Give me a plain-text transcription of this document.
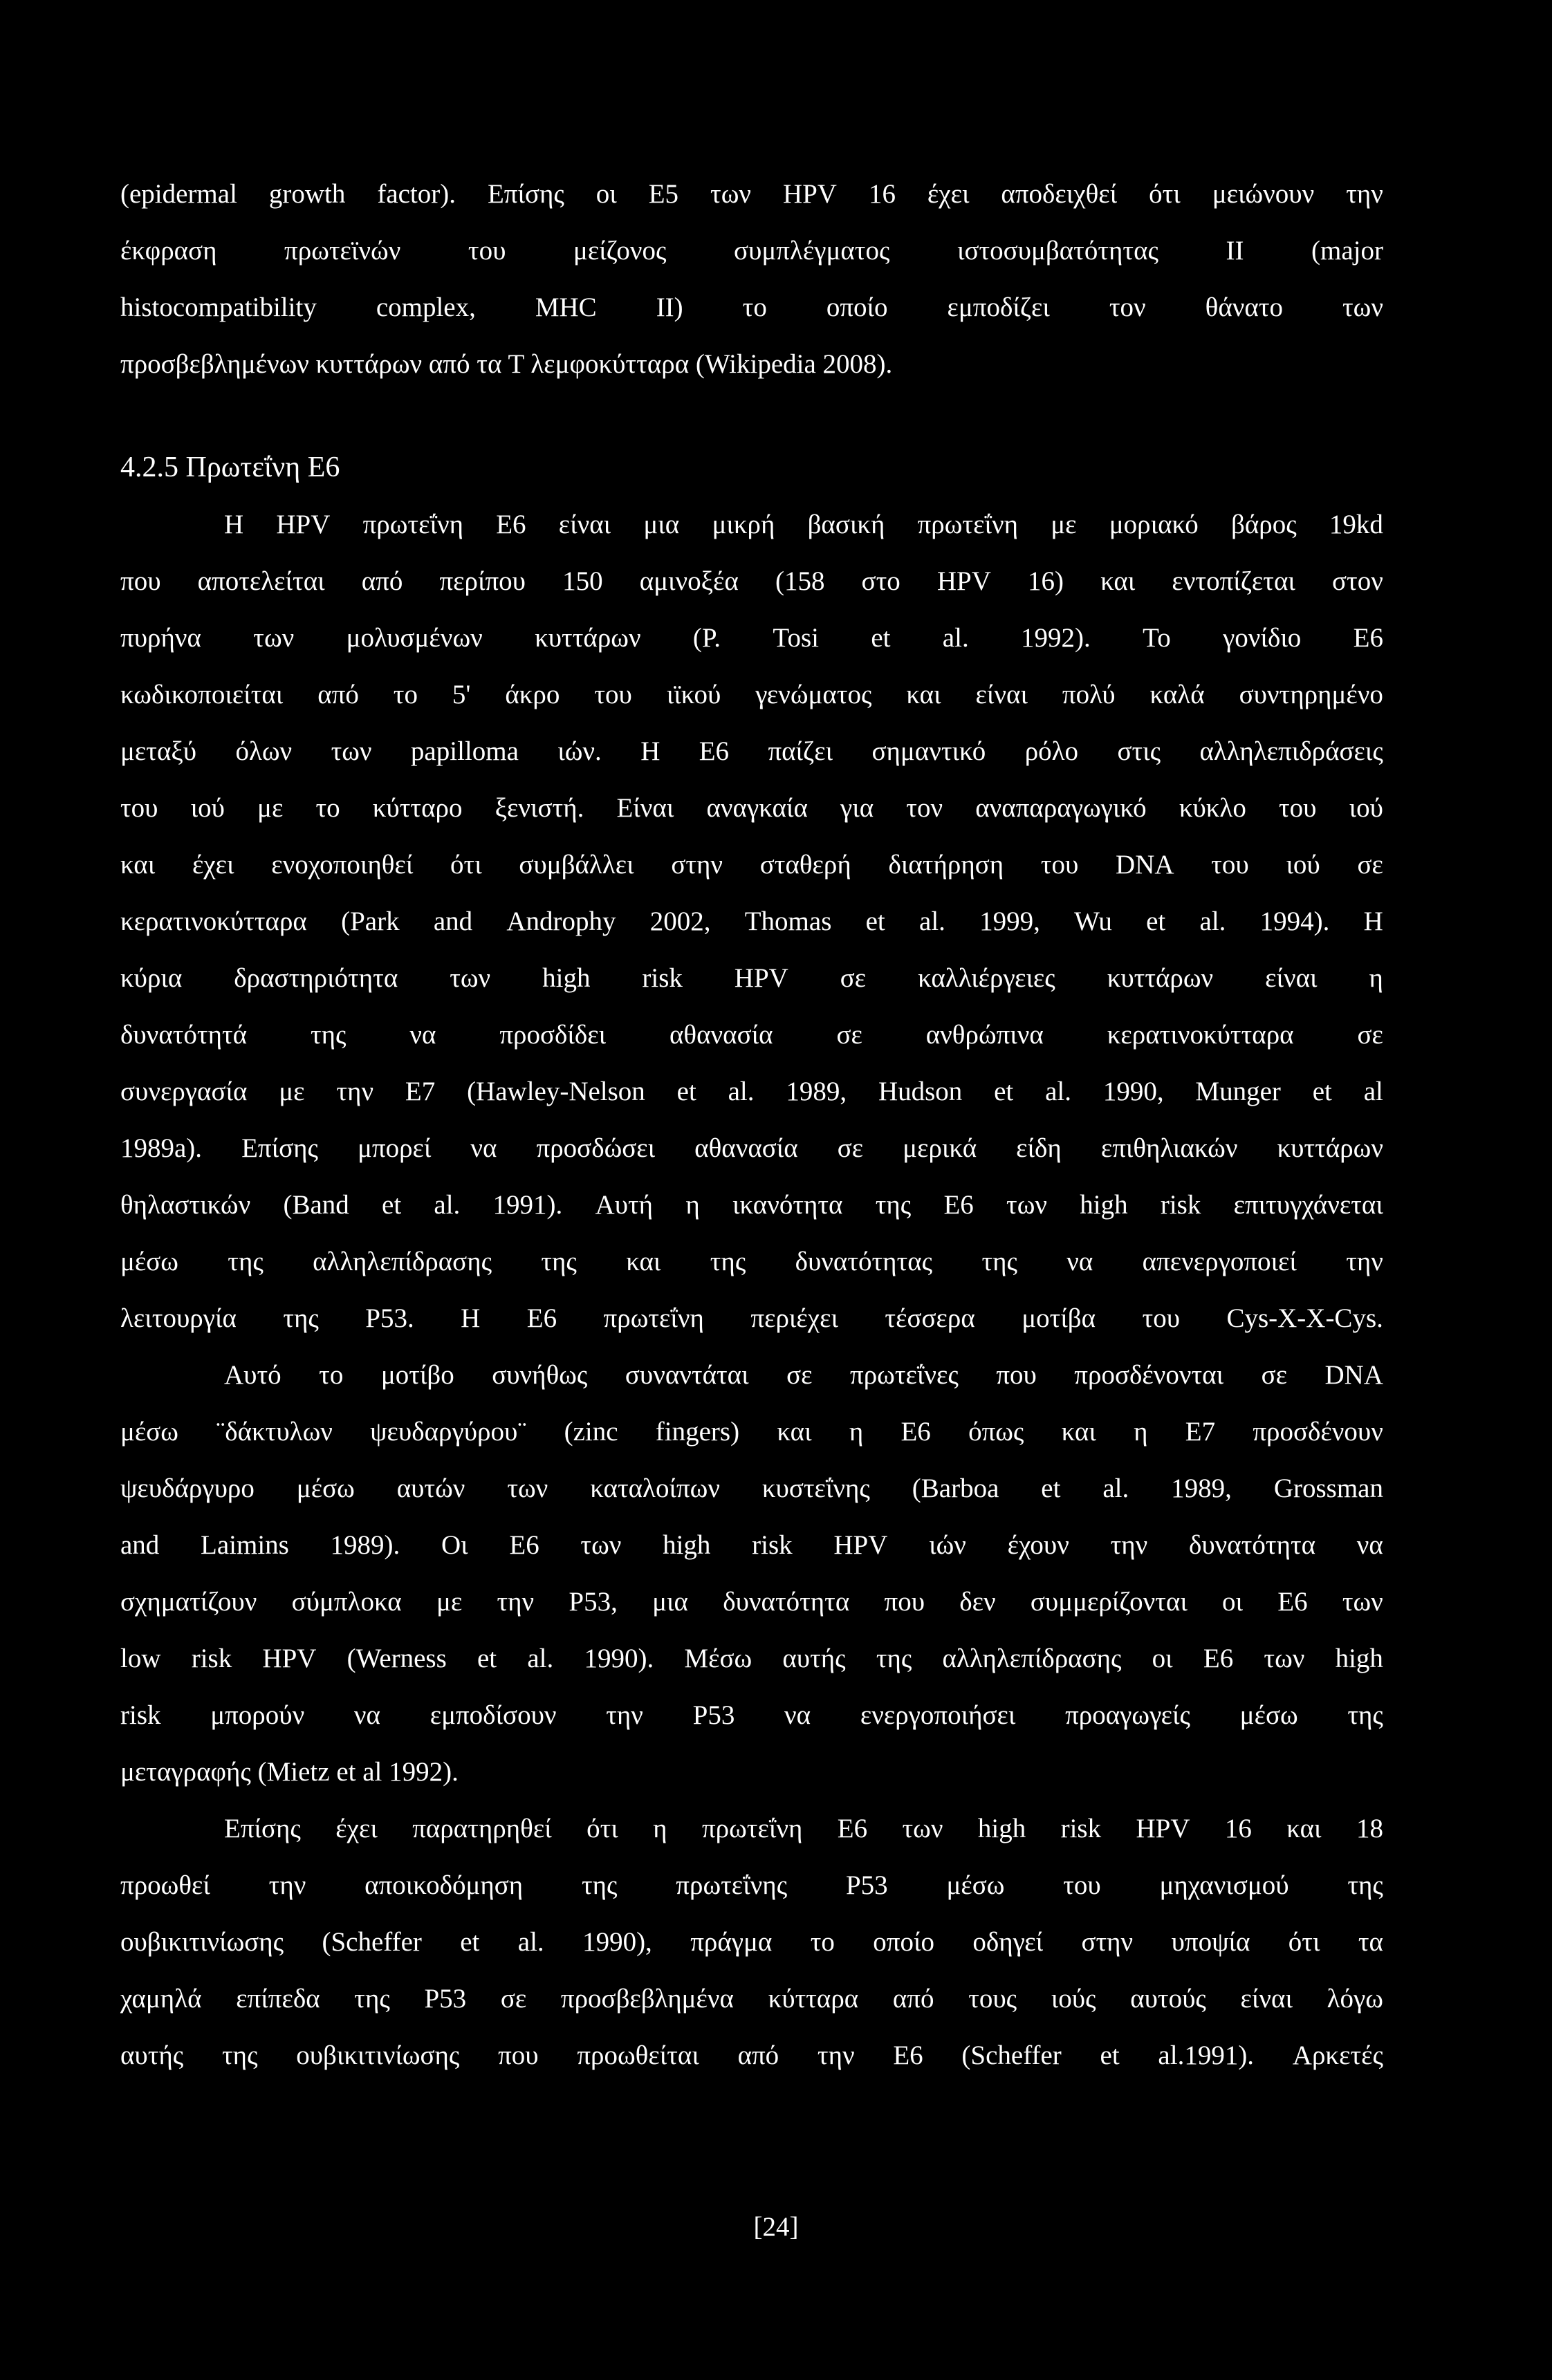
(epidermal growth factor). Επίσης οι Ε5 των HPV 16 έχει αποδειχθεί ότι μειώνουν την
έκφραση	πρωτεϊνών	του	μείζονος	συμπλέγματος	ιστοσυμβατότητας	ΙΙ	(major
histocompatibility complex, MHC II) το οποίο εμποδίζει τον θάνατο των
προσβεβλημένων κυττάρων από τα Τ λεμφοκύτταρα (Wikipedia 2008).
4.2.5 Πρωτεΐνη Ε6
Η HPV πρωτεΐνη Ε6 είναι μια μικρή βασική πρωτεΐνη με μοριακό βάρος 19kd
που αποτελείται από περίπου 150 αμινοξέα (158 στο HPV 16) και εντοπίζεται στον
πυρήνα των μολυσμένων κυττάρων (P. Tosi et al. 1992). Το γονίδιο Ε6
κωδικοποιείται από το 5' άκρο του ιϊκού γενώματος και είναι πολύ καλά συντηρημένο
μεταξύ όλων των papilloma ιών. Η Ε6 παίζει σημαντικό ρόλο στις αλληλεπιδράσεις
του ιού με το κύτταρο ξενιστή. Είναι αναγκαία για τον αναπαραγωγικό κύκλο του ιού
και έχει ενοχοποιηθεί ότι συμβάλλει στην σταθερή διατήρηση του DNA του ιού σε
κερατινοκύτταρα (Park and Androphy 2002, Thomas et al. 1999, Wu et al. 1994). Η
κύρια δραστηριότητα των high risk HPV σε καλλιέργειες κυττάρων είναι η
δυνατότητά της να προσδίδει αθανασία σε ανθρώπινα κερατινοκύτταρα σε
συνεργασία με την Ε7 (Hawley-Nelson et al. 1989, Hudson et al. 1990, Munger et al
1989a). Επίσης μπορεί να προσδώσει αθανασία σε μερικά είδη επιθηλιακών κυττάρων
θηλαστικών (Band et al. 1991). Αυτή η ικανότητα της Ε6 των high risk επιτυγχάνεται
μέσω της αλληλεπίδρασης της και της δυνατότητας της να απενεργοποιεί την
λειτουργία της P53. Η Ε6 πρωτεΐνη περιέχει τέσσερα μοτίβα του Cys-X-X-Cys.
Αυτό το μοτίβο συνήθως συναντάται σε πρωτεΐνες που προσδένονται σε DNA
μέσω ¨δάκτυλων ψευδαργύρου¨ (zinc fingers) και η Ε6 όπως και η Ε7 προσδένουν
ψευδάργυρο μέσω αυτών των καταλοίπων κυστεΐνης (Barboa et al. 1989, Grossman
and Laimins 1989). Οι Ε6 των high risk HPV ιών έχουν την δυνατότητα να
σχηματίζουν σύμπλοκα με την P53, μια δυνατότητα που δεν συμμερίζονται οι Ε6 των
low risk HPV (Werness et al. 1990). Μέσω αυτής της αλληλεπίδρασης οι Ε6 των high
risk μπορούν να εμποδίσουν την P53 να ενεργοποιήσει προαγωγείς μέσω της
μεταγραφής (Mietz et al 1992).
Επίσης έχει παρατηρηθεί ότι η πρωτεΐνη Ε6 των high risk HPV 16 και 18
προωθεί την αποικοδόμηση της πρωτεΐνης P53 μέσω του μηχανισμού της
ουβικιτινίωσης (Scheffer et al. 1990), πράγμα το οποίο οδηγεί στην υποψία ότι τα
χαμηλά επίπεδα της P53 σε προσβεβλημένα κύτταρα από τους ιούς αυτούς είναι λόγω
αυτής της ουβικιτινίωσης που προωθείται από την Ε6 (Scheffer et al.1991). Αρκετές
[24]
